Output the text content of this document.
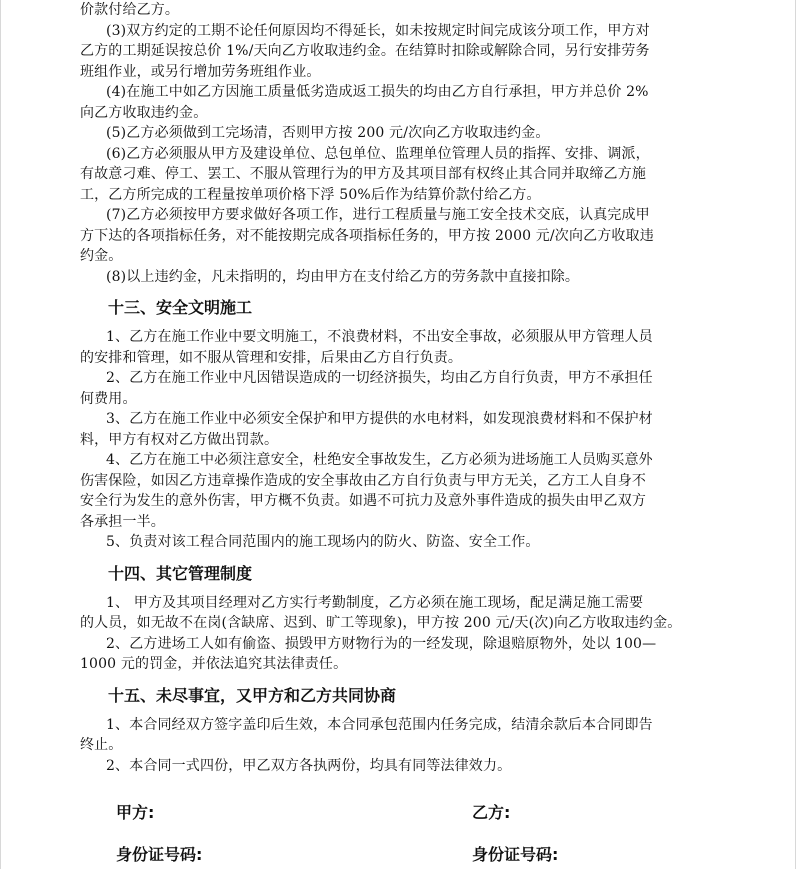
价款付给乙方。
(3)双方约定的工期不论任何原因均不得延长，如未按规定时间完成该分项工作，甲方对
乙方的工期延误按总价 1%/天向乙方收取违约金。在结算时扣除或解除合同，另行安排劳务
班组作业，或另行增加劳务班组作业。
(4)在施工中如乙方因施工质量低劣造成返工损失的均由乙方自行承担，甲方并总价 2%
向乙方收取违约金。
(5)乙方必须做到工完场清，否则甲方按 200 元/次向乙方收取违约金。
(6)乙方必须服从甲方及建设单位、总包单位、监理单位管理人员的指挥、安排、调派，
有故意刁难、停工、罢工、不服从管理行为的甲方及其项目部有权终止其合同并取缔乙方施
工，乙方所完成的工程量按单项价格下浮 50%后作为结算价款付给乙方。
(7)乙方必须按甲方要求做好各项工作，进行工程质量与施工安全技术交底，认真完成甲
方下达的各项指标任务，对不能按期完成各项指标任务的，甲方按 2000 元/次向乙方收取违
约金。
(8)以上违约金，凡未指明的，均由甲方在支付给乙方的劳务款中直接扣除。
十三、安全文明施工
1、乙方在施工作业中要文明施工，不浪费材料，不出安全事故，必须服从甲方管理人员
的安排和管理，如不服从管理和安排，后果由乙方自行负责。
2、乙方在施工作业中凡因错误造成的一切经济损失，均由乙方自行负责，甲方不承担任
何费用。
3、乙方在施工作业中必须安全保护和甲方提供的水电材料，如发现浪费材料和不保护材
料，甲方有权对乙方做出罚款。
4、乙方在施工中必须注意安全，杜绝安全事故发生，乙方必须为进场施工人员购买意外
伤害保险，如因乙方违章操作造成的安全事故由乙方自行负责与甲方无关，乙方工人自身不
安全行为发生的意外伤害，甲方概不负责。如遇不可抗力及意外事件造成的损失由甲乙双方
各承担一半。
5、负责对该工程合同范围内的施工现场内的防火、防盗、安全工作。
十四、其它管理制度
1、 甲方及其项目经理对乙方实行考勤制度，乙方必须在施工现场，配足满足施工需要
的人员，如无故不在岗(含缺席、迟到、旷工等现象)，甲方按 200 元/天(次)向乙方收取违约金。
2、乙方进场工人如有偷盗、损毁甲方财物行为的一经发现，除退赔原物外，处以 100—
1000 元的罚金，并依法追究其法律责任。
十五、未尽事宜，又甲方和乙方共同协商
1、本合同经双方签字盖印后生效，本合同承包范围内任务完成，结清余款后本合同即告
终止。
2、本合同一式四份，甲乙双方各执两份，均具有同等法律效力。
甲方:	乙方:
身份证号码:	身份证号码:
